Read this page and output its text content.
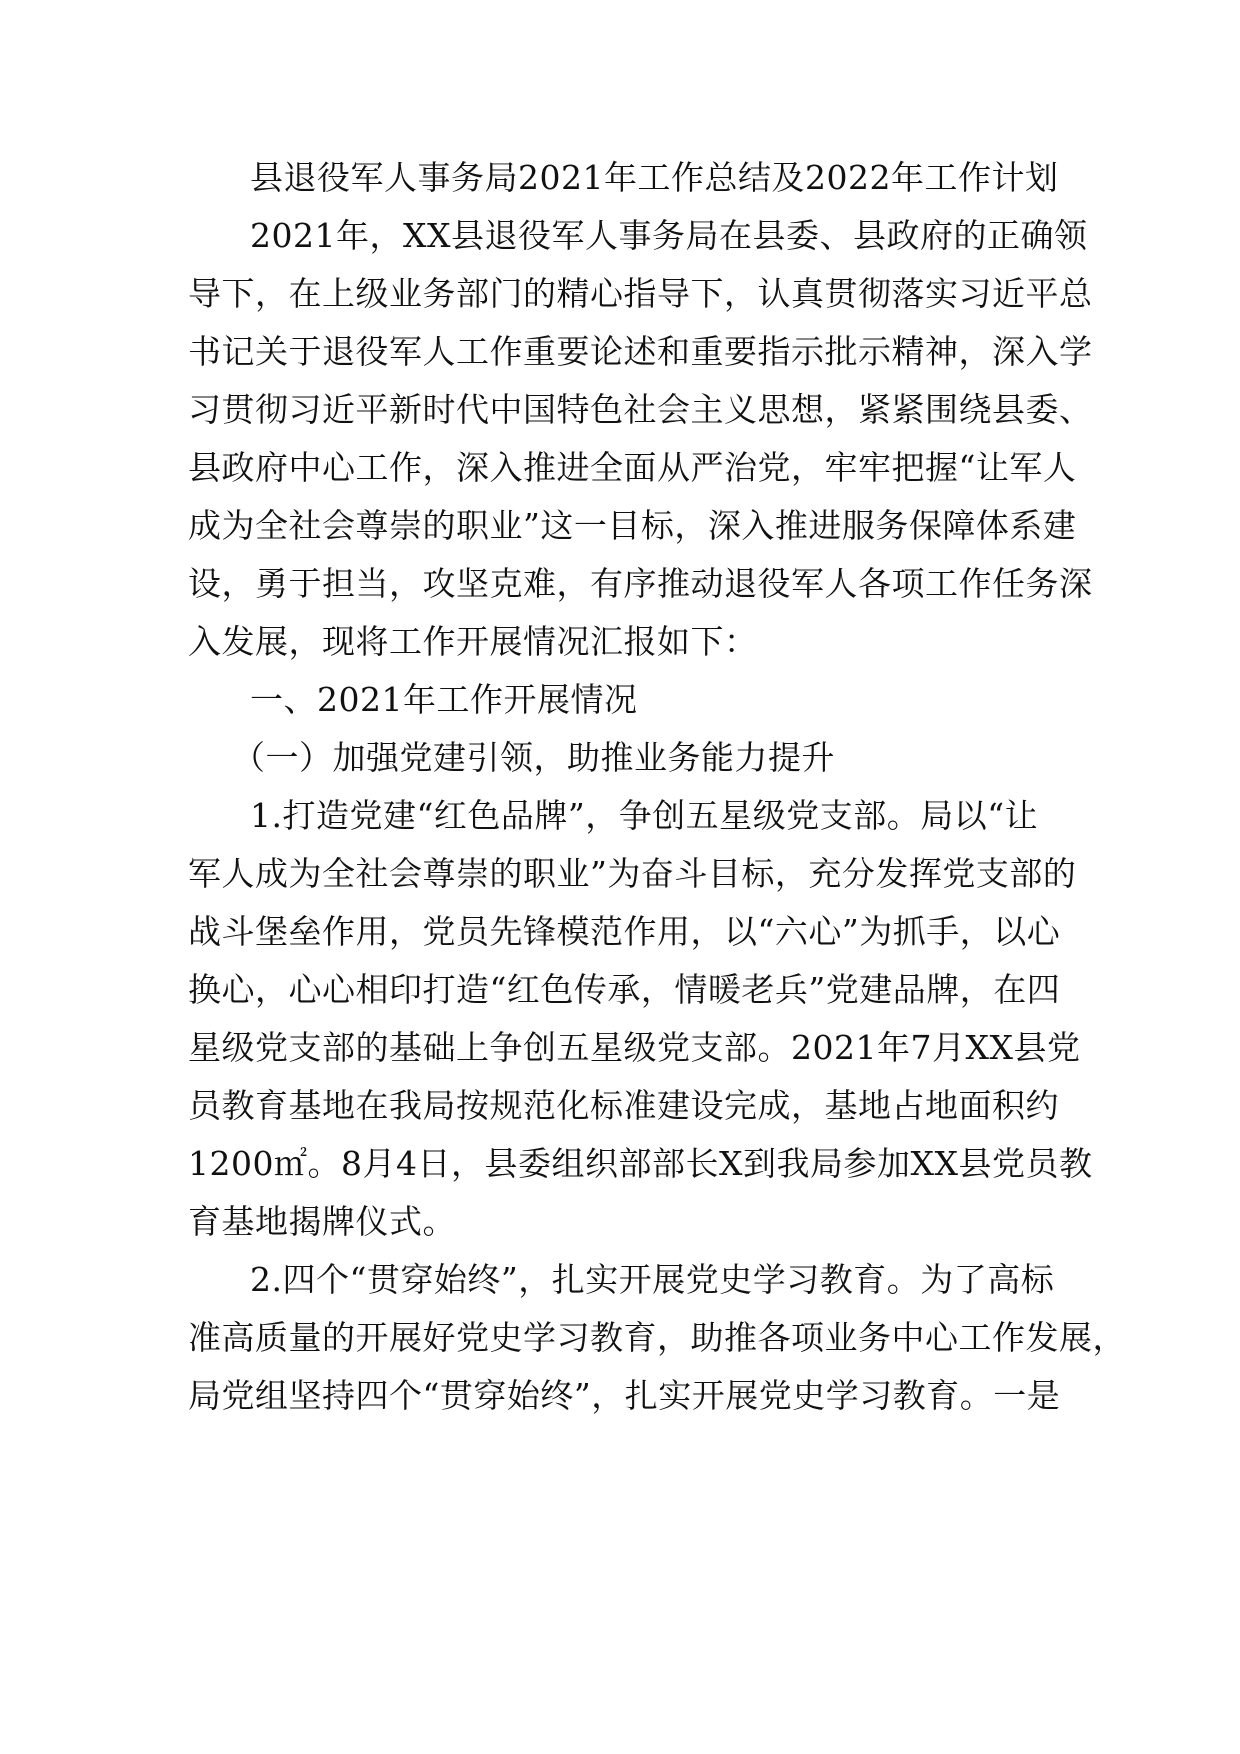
县退役军人事务局2021年工作总结及2022年工作计划
2021年，XX县退役军人事务局在县委、县政府的正确领
导下，在上级业务部门的精心指导下，认真贯彻落实习近平总
书记关于退役军人工作重要论述和重要指示批示精神，深入学
习贯彻习近平新时代中国特色社会主义思想，紧紧围绕县委、
县政府中心工作，深入推进全面从严治党，牢牢把握“让军人
成为全社会尊崇的职业”这一目标，深入推进服务保障体系建
设，勇于担当，攻坚克难，有序推动退役军人各项工作任务深
入发展，现将工作开展情况汇报如下：
一、2021年工作开展情况
（一）加强党建引领，助推业务能力提升
1.打造党建“红色品牌”，争创五星级党支部。局以“让
军人成为全社会尊崇的职业”为奋斗目标，充分发挥党支部的
战斗堡垒作用，党员先锋模范作用，以“六心”为抓手，以心
换心，心心相印打造“红色传承，情暖老兵”党建品牌，在四
星级党支部的基础上争创五星级党支部。2021年7月XX县党
员教育基地在我局按规范化标准建设完成，基地占地面积约
1200㎡。8月4日，县委组织部部长X到我局参加XX县党员教
育基地揭牌仪式。
2.四个“贯穿始终”，扎实开展党史学习教育。为了高标
准高质量的开展好党史学习教育，助推各项业务中心工作发展，
局党组坚持四个“贯穿始终”，扎实开展党史学习教育。一是
